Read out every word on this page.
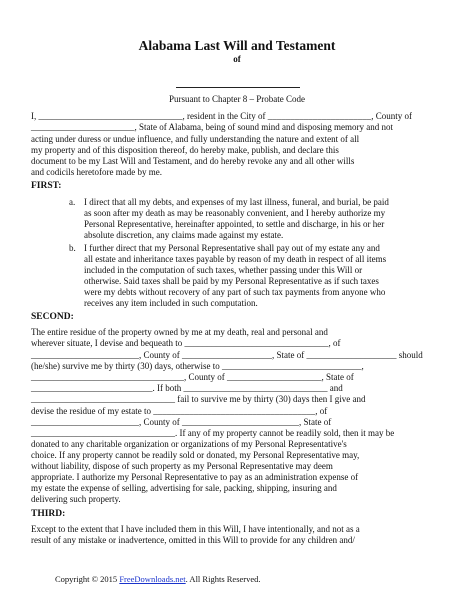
Alabama Last Will and Testament
of
Pursuant to Chapter 8 – Probate Code
I, ________________________________, resident in the City of _______________________, County of
_______________________, State of Alabama, being of sound mind and disposing memory and not
acting under duress or undue influence, and fully understanding the nature and extent of all
my property and of this disposition thereof, do hereby make, publish, and declare this
document to be my Last Will and Testament, and do hereby revoke any and all other wills
and codicils heretofore made by me.
FIRST:
a. I direct that all my debts, and expenses of my last illness, funeral, and burial, be paid
as soon after my death as may be reasonably convenient, and I hereby authorize my
Personal Representative, hereinafter appointed, to settle and discharge, in his or her
absolute discretion, any claims made against my estate.
b. I further direct that my Personal Representative shall pay out of my estate any and
all estate and inheritance taxes payable by reason of my death in respect of all items
included in the computation of such taxes, whether passing under this Will or
otherwise. Said taxes shall be paid by my Personal Representative as if such taxes
were my debts without recovery of any part of such tax payments from anyone who
receives any item included in such computation.
SECOND:
The entire residue of the property owned by me at my death, real and personal and
wherever situate, I devise and bequeath to ________________________________, of
________________________, County of ____________________, State of ____________________ should
(he/she) survive me by thirty (30) days, otherwise to _______________________________,
__________________________________, County of _____________________, State of
___________________________. If both ________________________________ and
________________________________ fail to survive me by thirty (30) days then I give and
devise the residue of my estate to ____________________________________, of
________________________, County of __________________________, State of
________________________________. If any of my property cannot be readily sold, then it may be
donated to any charitable organization or organizations of my Personal Representative's
choice. If any property cannot be readily sold or donated, my Personal Representative may,
without liability, dispose of such property as my Personal Representative may deem
appropriate. I authorize my Personal Representative to pay as an administration expense of
my estate the expense of selling, advertising for sale, packing, shipping, insuring and
delivering such property.
THIRD:
Except to the extent that I have included them in this Will, I have intentionally, and not as a
result of any mistake or inadvertence, omitted in this Will to provide for any children and/
Copyright © 2015 FreeDownloads.net. All Rights Reserved.
